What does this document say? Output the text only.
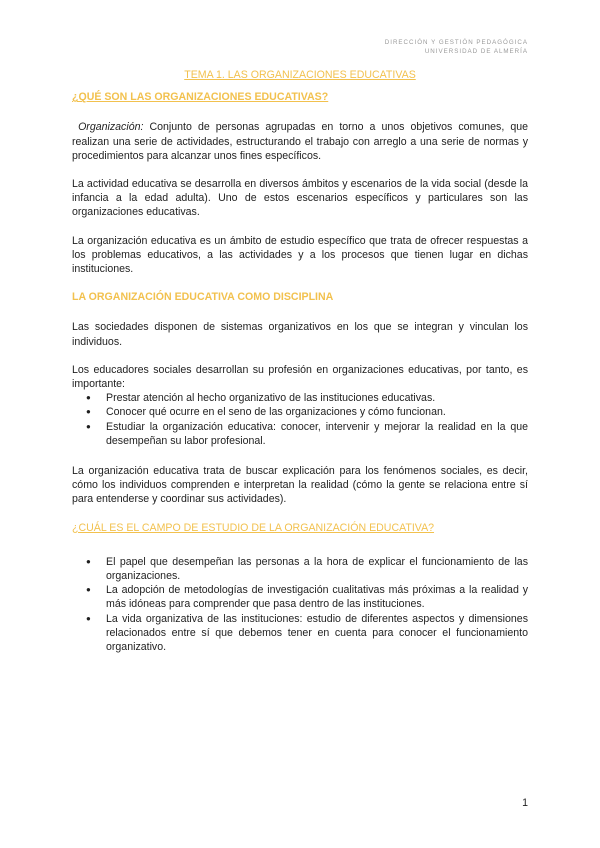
DIRECCIÓN Y GESTIÓN PEDAGÓGICA
UNIVERSIDAD DE ALMERÍA
TEMA 1. LAS ORGANIZACIONES EDUCATIVAS
¿QUÉ SON LAS ORGANIZACIONES EDUCATIVAS?

Organización: Conjunto de personas agrupadas en torno a unos objetivos comunes, que realizan una serie de actividades, estructurando el trabajo con arreglo a una serie de normas y procedimientos para alcanzar unos fines específicos.

La actividad educativa se desarrolla en diversos ámbitos y escenarios de la vida social (desde la infancia a la edad adulta). Uno de estos escenarios específicos y particulares son las organizaciones educativas.

La organización educativa es un ámbito de estudio específico que trata de ofrecer respuestas a los problemas educativos, a las actividades y a los procesos que tienen lugar en dichas instituciones.

LA ORGANIZACIÓN EDUCATIVA COMO DISCIPLINA

Las sociedades disponen de sistemas organizativos en los que se integran y vinculan los individuos.

Los educadores sociales desarrollan su profesión en organizaciones educativas, por tanto, es importante:

● Prestar atención al hecho organizativo de las instituciones educativas.
● Conocer qué ocurre en el seno de las organizaciones y cómo funcionan.
● Estudiar la organización educativa: conocer, intervenir y mejorar la realidad en la que desempeñan su labor profesional.

La organización educativa trata de buscar explicación para los fenómenos sociales, es decir, cómo los individuos comprenden e interpretan la realidad (cómo la gente se relaciona entre sí para entenderse y coordinar sus actividades).

¿CUÁL ES EL CAMPO DE ESTUDIO DE LA ORGANIZACIÓN EDUCATIVA?
● El papel que desempeñan las personas a la hora de explicar el funcionamiento de las organizaciones.
● La adopción de metodologías de investigación cualitativas más próximas a la realidad y más idóneas para comprender que pasa dentro de las instituciones.
● La vida organizativa de las instituciones: estudio de diferentes aspectos y dimensiones relacionados entre sí que debemos tener en cuenta para conocer el funcionamiento organizativo.
1
